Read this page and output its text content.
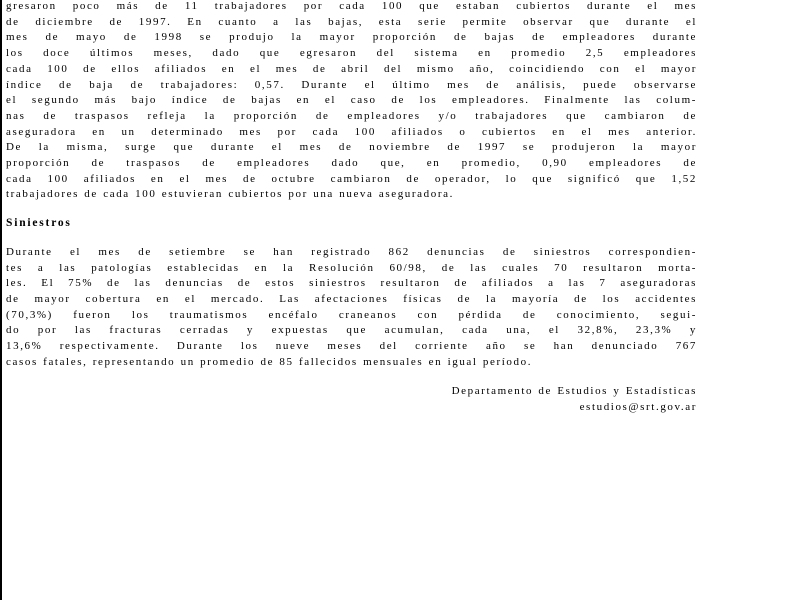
gresaron poco más de 11 trabajadores por cada 100 que estaban cubiertos durante el mes
de diciembre de 1997. En cuanto a las bajas, esta serie permite observar que durante el
mes de mayo de 1998 se produjo la mayor proporción de bajas de empleadores durante
los doce últimos meses, dado que egresaron del sistema en promedio 2,5 empleadores
cada 100 de ellos afiliados en el mes de abril del mismo año, coincidiendo con el mayor
índice de baja de trabajadores: 0,57. Durante el último mes de análisis, puede observarse
el segundo más bajo índice de bajas en el caso de los empleadores. Finalmente las colum-
nas de traspasos refleja la proporción de empleadores y/o trabajadores que cambiaron de
aseguradora en un determinado mes por cada 100 afiliados o cubiertos en el mes anterior.
De la misma, surge que durante el mes de noviembre de 1997 se produjeron la mayor
proporción de traspasos de empleadores dado que, en promedio, 0,90 empleadores de
cada 100 afiliados en el mes de octubre cambiaron de operador, lo que significó que 1,52
trabajadores de cada 100 estuvieran cubiertos por una nueva aseguradora.
Siniestros
Durante el mes de setiembre se han registrado 862 denuncias de siniestros correspondien-
tes a las patologías establecidas en la Resolución 60/98, de las cuales 70 resultaron morta-
les. El 75% de las denuncias de estos siniestros resultaron de afiliados a las 7 aseguradoras
de mayor cobertura en el mercado. Las afectaciones físicas de la mayoría de los accidentes
(70,3%) fueron los traumatismos encéfalo craneanos con pérdida de conocimiento, segui-
do por las fracturas cerradas y expuestas que acumulan, cada una, el 32,8%, 23,3% y
13,6% respectivamente. Durante los nueve meses del corriente año se han denunciado 767
casos fatales, representando un promedio de 85 fallecidos mensuales en igual período.
Departamento de Estudios y Estadísticas
estudios@srt.gov.ar
